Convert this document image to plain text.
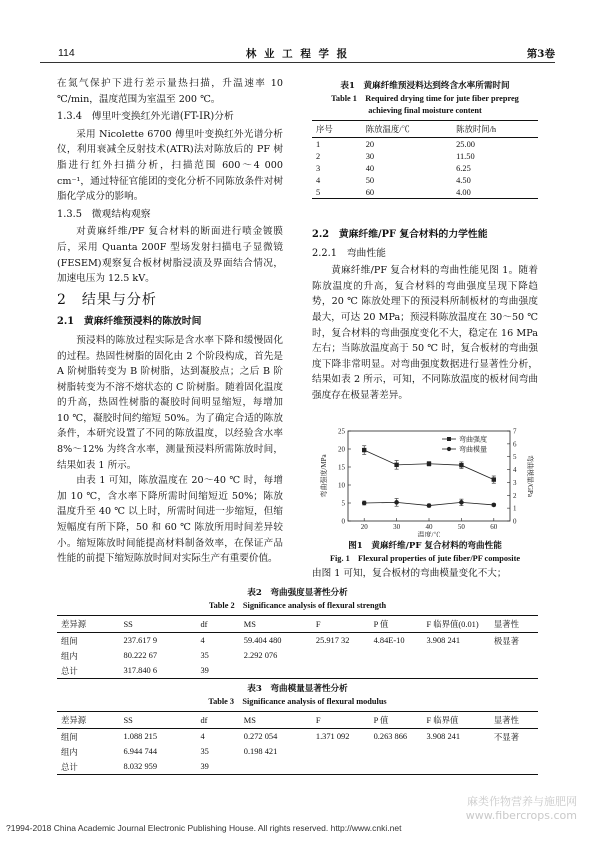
114	林 业 工 程 学 报	第3卷

在氮气保护下进行差示量热扫描，升温速率 10 ℃/min，温度范围为室温至 200 ℃。

1.3.4　傅里叶变换红外光谱(FT-IR)分析

采用 Nicolette 6700 傅里叶变换红外光谱分析仪，利用衰减全反射技术(ATR)法对陈放后的 PF 树脂进行红外扫描分析，扫描范围 600～4 000 cm⁻¹，通过特征官能团的变化分析不同陈放条件对树脂化学成分的影响。

1.3.5　微观结构观察

对黄麻纤维/PF 复合材料的断面进行喷金镀膜后，采用 Quanta 200F 型场发射扫描电子显微镜(FESEM)观察复合板材树脂浸渍及界面结合情况，加速电压为 12.5 kV。

2　结果与分析
2.1　黄麻纤维预浸料的陈放时间

预浸料的陈放过程实际是含水率下降和缓慢固化的过程。热固性树脂的固化由 2 个阶段构成，首先是 A 阶树脂转变为 B 阶树脂，达到凝胶点；之后 B 阶树脂转变为不溶不熔状态的 C 阶树脂。随着固化温度的升高，热固性树脂的凝胶时间明显缩短，每增加 10 ℃，凝胶时间约缩短 50%。为了确定合适的陈放条件，本研究设置了不同的陈放温度，以经验含水率 8%～12% 为终含水率，测量预浸料所需陈放时间，结果如表 1 所示。

由表 1 可知，陈放温度在 20～40 ℃ 时，每增加 10 ℃，含水率下降所需时间缩短近 50%；陈放温度升至 40 ℃ 以上时，所需时间进一步缩短，但缩短幅度有所下降，50 和 60 ℃ 陈放所用时间差异较小。缩短陈放时间能提高材料制备效率，在保证产品性能的前提下缩短陈放时间对实际生产有重要价值。

表1　黄麻纤维预浸料达到终含水率所需时间
Table 1　Required drying time for jute fiber prepreg
achieving final moisture content
序号	陈放温度/℃	陈放时间/h
1	20	25.00
2	30	11.50
3	40	6.25
4	50	4.50
5	60	4.00
2.2　黄麻纤维/PF 复合材料的力学性能
2.2.1　弯曲性能

黄麻纤维/PF 复合材料的弯曲性能见图 1。随着陈放温度的升高，复合材料的弯曲强度呈现下降趋势，20 ℃ 陈放处理下的预浸料所制板材的弯曲强度最大，可达 20 MPa；预浸料陈放温度在 30～50 ℃ 时，复合材料的弯曲强度变化不大，稳定在 16 MPa 左右；当陈放温度高于 50 ℃ 时，复合板材的弯曲强度下降非常明显。对弯曲强度数据进行显著性分析，结果如表 2 所示，可知，不同陈放温度的板材间弯曲强度存在极显著差异。

20	30	40	50	60
0
5
10
15
20
25
0
1
2
3
4
5
6
7
温度/℃
弯曲强度/MPa	弯曲模量/GPa
弯曲强度
弯曲模量
图1　黄麻纤维/PF 复合材料的弯曲性能
Fig. 1　Flexural properties of jute fiber/PF composite

由图 1 可知，复合板材的弯曲模量变化不大；

表2　弯曲强度显著性分析
Table 2　Significance analysis of flexural strength
差异源	SS	df	MS	F	P 值	F 临界值(0.01)	显著性
组间	237.617 9	4	59.404 480	25.917 32	4.84E-10	3.908 241	极显著
组内	80.222 67	35	2.292 076				
总计	317.840 6	39					
表3　弯曲模量显著性分析
Table 3　Significance analysis of flexural modulus
差异源	SS	df	MS	F	P 值	F 临界值	显著性
组间	1.088 215	4	0.272 054	1.371 092	0.263 866	3.908 241	不显著
组内	6.944 744	35	0.198 421				
总计	8.032 959	39					
麻类作物营养与施肥网
www.fibercrops.com
?1994-2018 China Academic Journal Electronic Publishing House. All rights reserved. http://www.cnki.net
